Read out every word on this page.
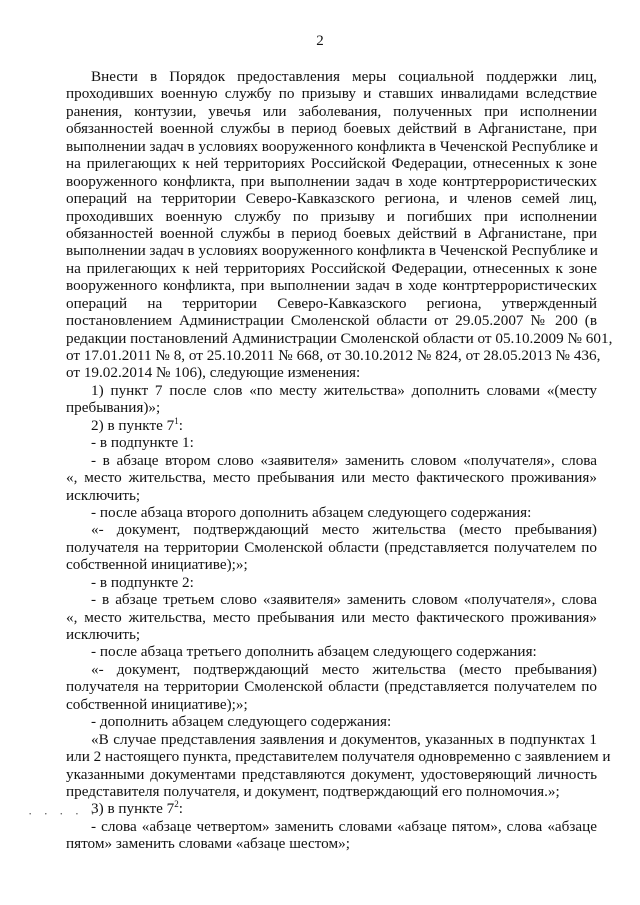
2
Внести в Порядок предоставления меры социальной поддержки лиц,
проходивших военную службу по призыву и ставших инвалидами вследствие
ранения, контузии, увечья или заболевания, полученных при исполнении
обязанностей военной службы в период боевых действий в Афганистане, при
выполнении задач в условиях вооруженного конфликта в Чеченской Республике и
на прилегающих к ней территориях Российской Федерации, отнесенных к зоне
вооруженного конфликта, при выполнении задач в ходе контртеррористических
операций на территории Северо-Кавказского региона, и членов семей лиц,
проходивших военную службу по призыву и погибших при исполнении
обязанностей военной службы в период боевых действий в Афганистане, при
выполнении задач в условиях вооруженного конфликта в Чеченской Республике и
на прилегающих к ней территориях Российской Федерации, отнесенных к зоне
вооруженного конфликта, при выполнении задач в ходе контртеррористических
операций на территории Северо-Кавказского региона, утвержденный
постановлением Администрации Смоленской области от 29.05.2007 № 200 (в
редакции постановлений Администрации Смоленской области от 05.10.2009 № 601,
от 17.01.2011 № 8, от 25.10.2011 № 668, от 30.10.2012 № 824, от 28.05.2013 № 436,
от 19.02.2014 № 106), следующие изменения:
1) пункт 7 после слов «по месту жительства» дополнить словами «(месту
пребывания)»;
2) в пункте $7^1$:
- в подпункте 1:
- в абзаце втором слово «заявителя» заменить словом «получателя», слова
«, место жительства, место пребывания или место фактического проживания»
исключить;
- после абзаца второго дополнить абзацем следующего содержания:
«- документ, подтверждающий место жительства (место пребывания)
получателя на территории Смоленской области (представляется получателем по
собственной инициативе);»;
- в подпункте 2:
- в абзаце третьем слово «заявителя» заменить словом «получателя», слова
«, место жительства, место пребывания или место фактического проживания»
исключить;
- после абзаца третьего дополнить абзацем следующего содержания:
«- документ, подтверждающий место жительства (место пребывания)
получателя на территории Смоленской области (представляется получателем по
собственной инициативе);»;
- дополнить абзацем следующего содержания:
«В случае представления заявления и документов, указанных в подпунктах 1
или 2 настоящего пункта, представителем получателя одновременно с заявлением и
указанными документами представляются документ, удостоверяющий личность
представителя получателя, и документ, подтверждающий его полномочия.»;
3) в пункте $7^2$:
- слова «абзаце четвертом» заменить словами «абзаце пятом», слова «абзаце
пятом» заменить словами «абзаце шестом»;
· · · · ·
